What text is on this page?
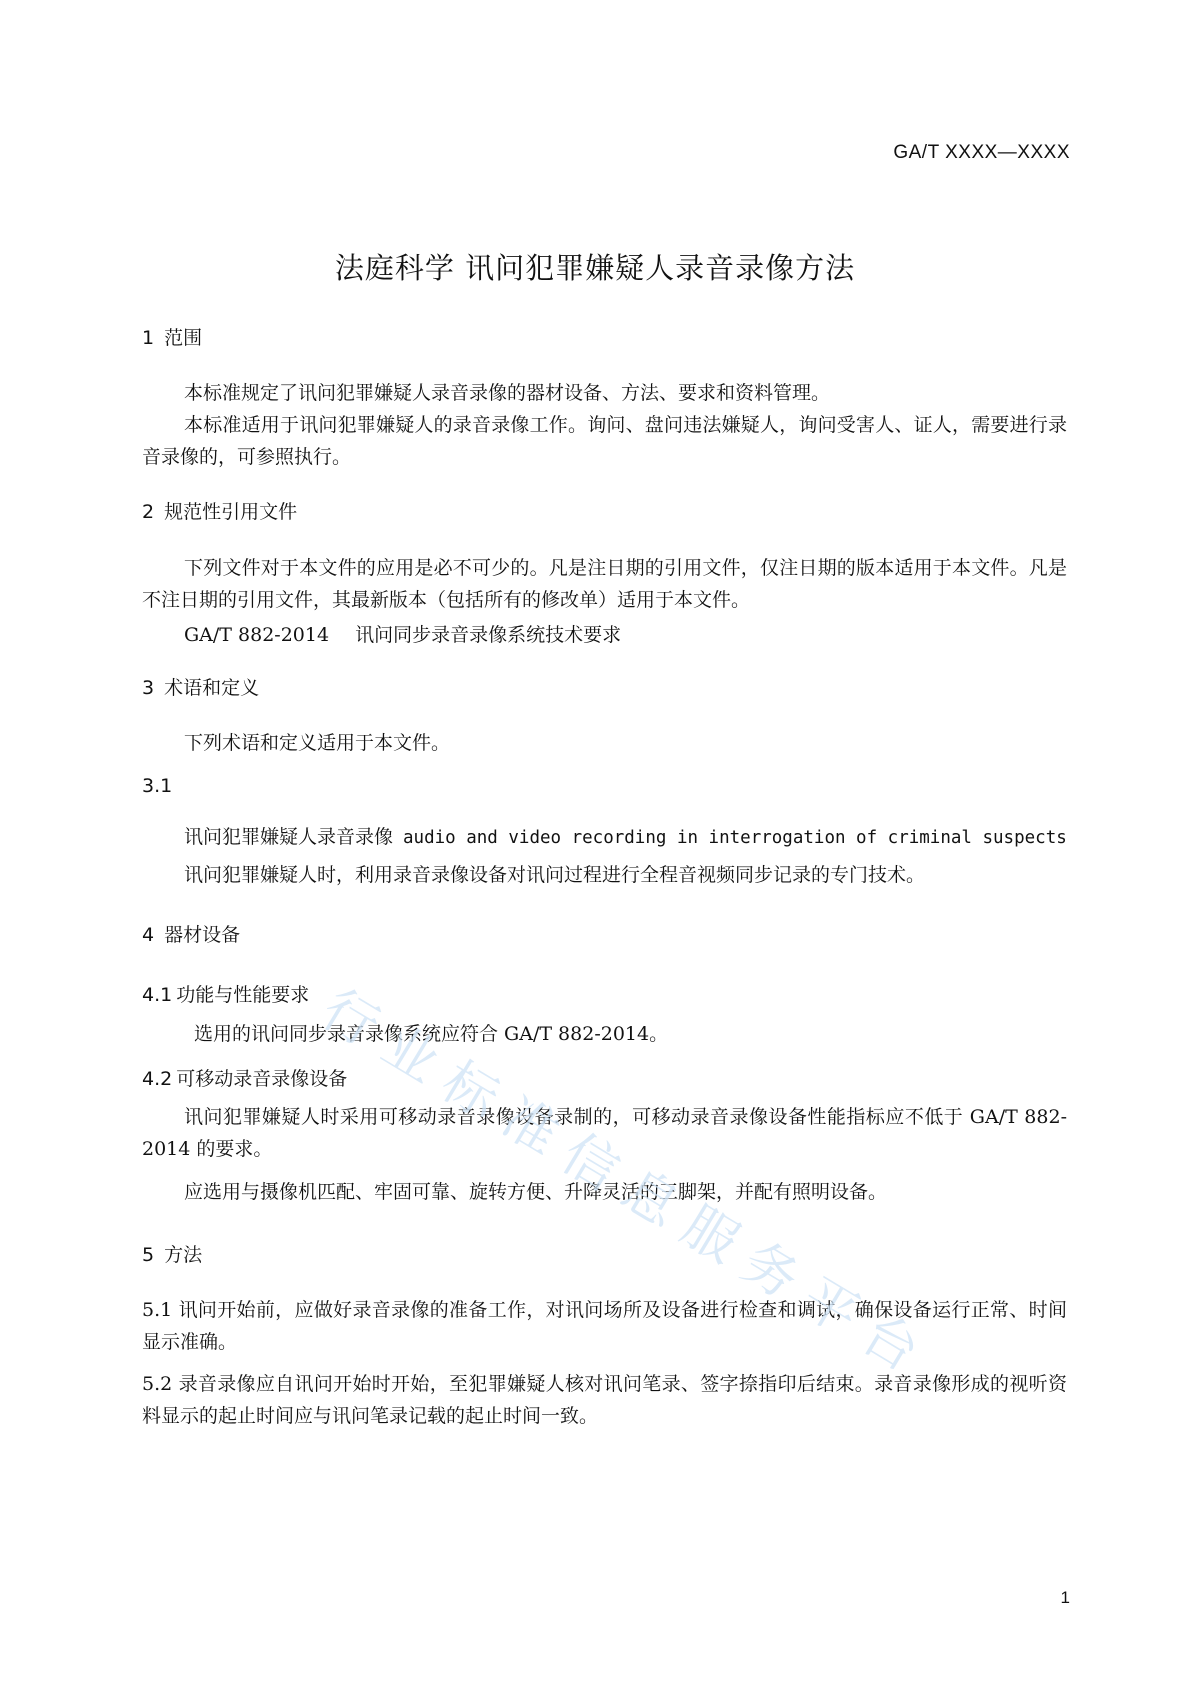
GA/T XXXX—XXXX
法庭科学 讯问犯罪嫌疑人录音录像方法
1 范围

本标准规定了讯问犯罪嫌疑人录音录像的器材设备、方法、要求和资料管理。

本标准适用于讯问犯罪嫌疑人的录音录像工作。询问、盘问违法嫌疑人，询问受害人、证人，需要进行录音录像的，可参照执行。

2 规范性引用文件

下列文件对于本文件的应用是必不可少的。凡是注日期的引用文件，仅注日期的版本适用于本文件。凡是不注日期的引用文件，其最新版本（包括所有的修改单）适用于本文件。

GA/T 882-2014 讯问同步录音录像系统技术要求
3 术语和定义

下列术语和定义适用于本文件。

3.1
讯问犯罪嫌疑人录音录像 audio and video recording in interrogation of criminal suspects

讯问犯罪嫌疑人时，利用录音录像设备对讯问过程进行全程音视频同步记录的专门技术。

4 器材设备
4.1 功能与性能要求

选用的讯问同步录音录像系统应符合 GA/T 882-2014。

4.2 可移动录音录像设备

讯问犯罪嫌疑人时采用可移动录音录像设备录制的，可移动录音录像设备性能指标应不低于 GA/T 882-2014 的要求。

应选用与摄像机匹配、牢固可靠、旋转方便、升降灵活的三脚架，并配有照明设备。

5 方法

5.1 讯问开始前，应做好录音录像的准备工作，对讯问场所及设备进行检查和调试，确保设备运行正常、时间显示准确。

5.2 录音录像应自讯问开始时开始，至犯罪嫌疑人核对讯问笔录、签字捺指印后结束。录音录像形成的视听资料显示的起止时间应与讯问笔录记载的起止时间一致。

1
行业标准信息服务平台
